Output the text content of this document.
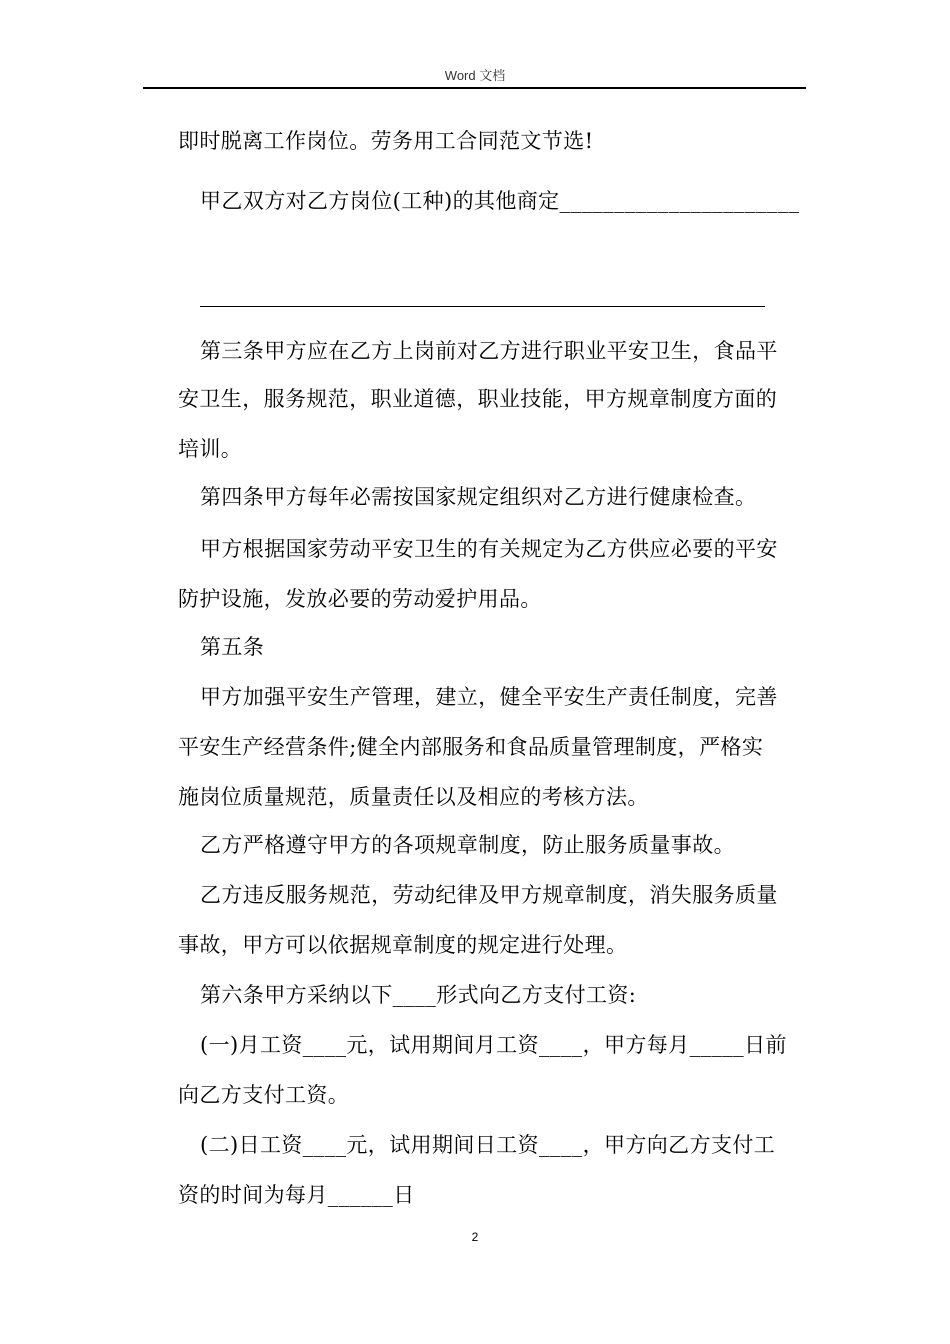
Word 文档
即时脱离工作岗位。劳务用工合同范文节选!
甲乙双方对乙方岗位(工种)的其他商定______________________
第三条甲方应在乙方上岗前对乙方进行职业平安卫生，食品平
安卫生，服务规范，职业道德，职业技能，甲方规章制度方面的
培训。
第四条甲方每年必需按国家规定组织对乙方进行健康检查。
甲方根据国家劳动平安卫生的有关规定为乙方供应必要的平安
防护设施，发放必要的劳动爱护用品。
第五条
甲方加强平安生产管理，建立，健全平安生产责任制度，完善
平安生产经营条件;健全内部服务和食品质量管理制度，严格实
施岗位质量规范，质量责任以及相应的考核方法。
乙方严格遵守甲方的各项规章制度，防止服务质量事故。
乙方违反服务规范，劳动纪律及甲方规章制度，消失服务质量
事故，甲方可以依据规章制度的规定进行处理。
第六条甲方采纳以下____形式向乙方支付工资:
(一)月工资____元，试用期间月工资____，甲方每月_____日前
向乙方支付工资。
(二)日工资____元，试用期间日工资____，甲方向乙方支付工
资的时间为每月______日
2
